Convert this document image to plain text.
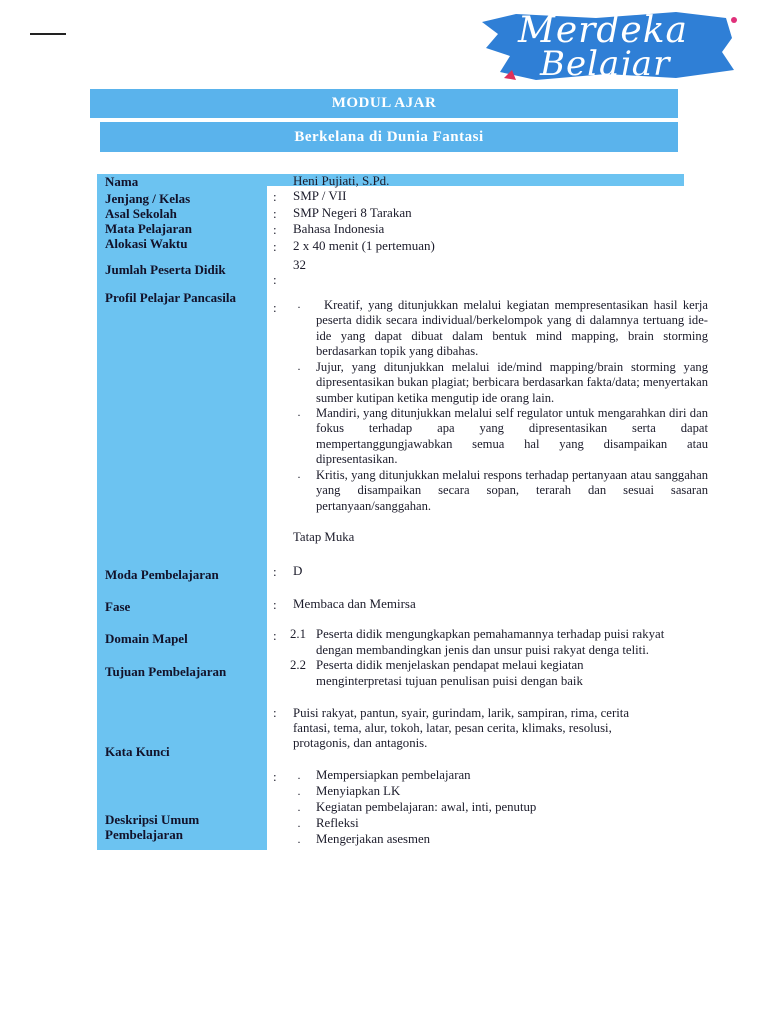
Merdeka
Belajar
MODUL AJAR
Berkelana di Dunia Fantasi
Nama
Jenjang / Kelas
Asal Sekolah
Mata Pelajaran
Alokasi Waktu
Jumlah Peserta Didik
Profil Pelajar Pancasila
Moda Pembelajaran
Fase
Domain Mapel
Tujuan Pembelajaran
Kata Kunci
Deskripsi Umum
Pembelajaran
:
:
:
:
:
:
:
:
:
:
:
Heni Pujiati, S.Pd.
SMP / VII
SMP Negeri 8 Tarakan
Bahasa Indonesia
2 x 40 menit (1 pertemuan)
32
·	Kreatif, yang ditunjukkan melalui kegiatan mempresentasikan hasil kerja peserta didik secara individual/berkelompok yang di dalamnya tertuang ide-ide yang dapat dibuat dalam bentuk mind mapping, brain storming berdasarkan topik yang dibahas.

· Jujur, yang ditunjukkan melalui ide/mind mapping/brain storming yang dipresentasikan bukan plagiat; berbicara berdasarkan fakta/data; menyertakan sumber kutipan ketika mengutip ide orang lain.

· Mandiri, yang ditunjukkan melalui self regulator untuk mengarahkan diri dan fokus terhadap apa yang dipresentasikan serta dapat mempertanggungjawabkan semua hal yang disampaikan atau dipresentasikan.

· Kritis, yang ditunjukkan melalui respons terhadap pertanyaan atau sanggahan yang disampaikan secara sopan, terarah dan sesuai sasaran pertanyaan/sanggahan.

Tatap Muka
D
Membaca dan Memirsa
2.1 Peserta didik mengungkapkan pemahamannya terhadap puisi rakyat
dengan membandingkan jenis dan unsur puisi rakyat denga teliti.
2.2 Peserta didik menjelaskan pendapat melaui kegiatan
menginterpretasi tujuan penulisan puisi dengan baik
Puisi rakyat, pantun, syair, gurindam, larik, sampiran, rima, cerita
fantasi, tema, alur, tokoh, latar, pesan cerita, klimaks, resolusi,
protagonis, dan antagonis.
· Mempersiapkan pembelajaran
· Menyiapkan LK
· Kegiatan pembelajaran: awal, inti, penutup
· Refleksi
· Mengerjakan asesmen
